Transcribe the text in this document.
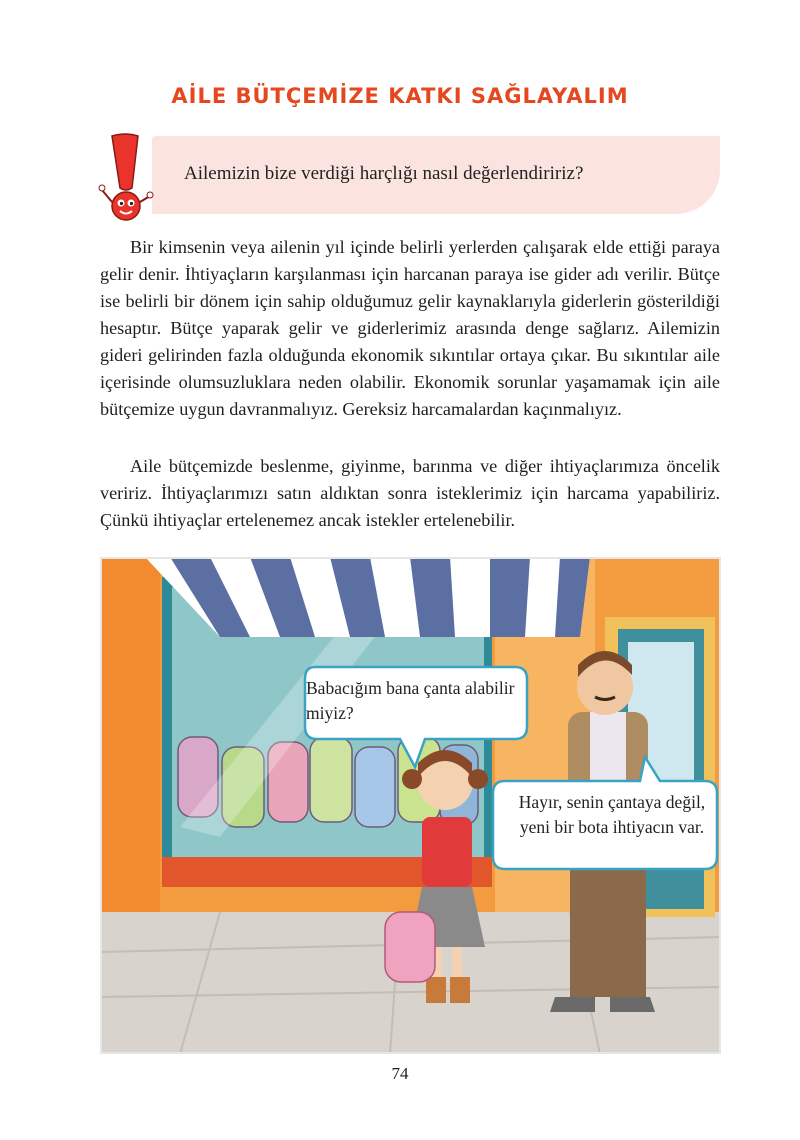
AİLE BÜTÇEMİZE KATKI SAĞLAYALIM
Ailemizin bize verdiği harçlığı nasıl değerlendiririz?

Bir kimsenin veya ailenin yıl içinde belirli yerlerden çalışarak elde ettiği paraya gelir denir. İhtiyaçların karşılanması için harcanan paraya ise gider adı verilir. Bütçe ise belirli bir dönem için sahip olduğumuz gelir kaynaklarıyla giderlerin gösterildiği hesaptır. Bütçe yaparak gelir ve giderlerimiz arasında denge sağlarız. Ailemizin gideri gelirinden fazla olduğunda ekonomik sıkıntılar ortaya çıkar. Bu sıkıntılar aile içerisinde olumsuzluklara neden olabilir. Ekonomik sorunlar yaşamamak için aile bütçemize uygun davranmalıyız. Gereksiz harcamalardan kaçınmalıyız.

Aile bütçemizde beslenme, giyinme, barınma ve diğer ihtiyaçlarımıza öncelik veririz. İhtiyaçlarımızı satın aldıktan sonra isteklerimiz için harcama yapabiliriz. Çünkü ihtiyaçlar ertelenemez ancak istekler ertelenebilir.

Babacığım bana çanta alabilir miyiz?
Hayır, senin çantaya değil, yeni bir bota ihtiyacın var.
74
